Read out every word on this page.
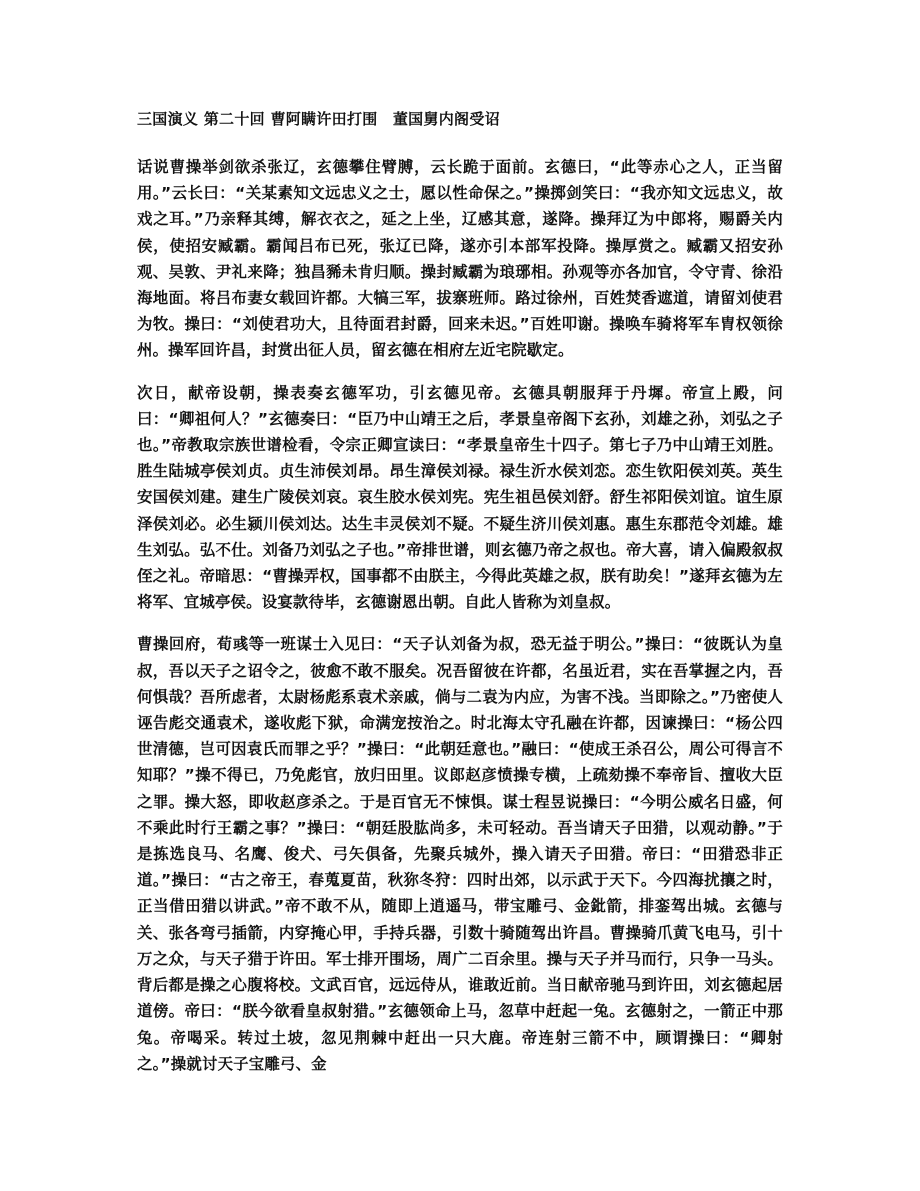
三国演义 第二十回 曹阿瞒许田打围　董国舅内阁受诏

话说曹操举剑欲杀张辽，玄德攀住臂膊，云长跪于面前。玄德曰，“此等赤心之人，正当留用。”云长曰：“关某素知文远忠义之士，愿以性命保之。”操掷剑笑曰：“我亦知文远忠义，故戏之耳。”乃亲释其缚，解衣衣之，延之上坐，辽感其意，遂降。操拜辽为中郎将，赐爵关内侯，使招安臧霸。霸闻吕布已死，张辽已降，遂亦引本部军投降。操厚赏之。臧霸又招安孙观、吴敦、尹礼来降；独昌豨未肯归顺。操封臧霸为琅琊相。孙观等亦各加官，令守青、徐沿海地面。将吕布妻女载回许都。大犒三军，拔寨班师。路过徐州，百姓焚香遮道，请留刘使君为牧。操曰：“刘使君功大，且待面君封爵，回来未迟。”百姓叩谢。操唤车骑将军车胄权领徐州。操军回许昌，封赏出征人员，留玄德在相府左近宅院歇定。

次日，献帝设朝，操表奏玄德军功，引玄德见帝。玄德具朝服拜于丹墀。帝宣上殿，问曰：“卿祖何人？”玄德奏曰：“臣乃中山靖王之后，孝景皇帝阁下玄孙，刘雄之孙，刘弘之子也。”帝教取宗族世谱检看，令宗正卿宣读曰：“孝景皇帝生十四子。第七子乃中山靖王刘胜。胜生陆城亭侯刘贞。贞生沛侯刘昂。昂生漳侯刘禄。禄生沂水侯刘恋。恋生钦阳侯刘英。英生安国侯刘建。建生广陵侯刘哀。哀生胶水侯刘宪。宪生祖邑侯刘舒。舒生祁阳侯刘谊。谊生原泽侯刘必。必生颍川侯刘达。达生丰灵侯刘不疑。不疑生济川侯刘惠。惠生东郡范令刘雄。雄生刘弘。弘不仕。刘备乃刘弘之子也。”帝排世谱，则玄德乃帝之叔也。帝大喜，请入偏殿叙叔侄之礼。帝暗思：“曹操弄权，国事都不由朕主，今得此英雄之叔，朕有助矣！”遂拜玄德为左将军、宜城亭侯。设宴款待毕，玄德谢恩出朝。自此人皆称为刘皇叔。

曹操回府，荀彧等一班谋士入见曰：“天子认刘备为叔，恐无益于明公。”操曰：“彼既认为皇叔，吾以天子之诏令之，彼愈不敢不服矣。况吾留彼在许都，名虽近君，实在吾掌握之内，吾何惧哉？吾所虑者，太尉杨彪系袁术亲戚，倘与二袁为内应，为害不浅。当即除之。”乃密使人诬告彪交通袁术，遂收彪下狱，命满宠按治之。时北海太守孔融在许都，因谏操曰：“杨公四世清德，岂可因袁氏而罪之乎？”操曰：“此朝廷意也。”融曰：“使成王杀召公，周公可得言不知耶？”操不得已，乃免彪官，放归田里。议郎赵彦愤操专横，上疏劾操不奉帝旨、擅收大臣之罪。操大怒，即收赵彦杀之。于是百官无不悚惧。谋士程昱说操曰：“今明公威名日盛，何不乘此时行王霸之事？”操曰：“朝廷股肱尚多，未可轻动。吾当请天子田猎，以观动静。”于是拣选良马、名鹰、俊犬、弓矢俱备，先聚兵城外，操入请天子田猎。帝曰：“田猎恐非正道。”操曰：“古之帝王，春蒐夏苗，秋狝冬狩：四时出郊，以示武于天下。今四海扰攘之时，正当借田猎以讲武。”帝不敢不从，随即上逍遥马，带宝雕弓、金鈚箭，排銮驾出城。玄德与关、张各弯弓插箭，内穿掩心甲，手持兵器，引数十骑随驾出许昌。曹操骑爪黄飞电马，引十万之众，与天子猎于许田。军士排开围场，周广二百余里。操与天子并马而行，只争一马头。背后都是操之心腹将校。文武百官，远远侍从，谁敢近前。当日献帝驰马到许田，刘玄德起居道傍。帝曰：“朕今欲看皇叔射猎。”玄德领命上马，忽草中赶起一兔。玄德射之，一箭正中那兔。帝喝采。转过土坡，忽见荆棘中赶出一只大鹿。帝连射三箭不中，顾谓操曰：“卿射之。”操就讨天子宝雕弓、金
